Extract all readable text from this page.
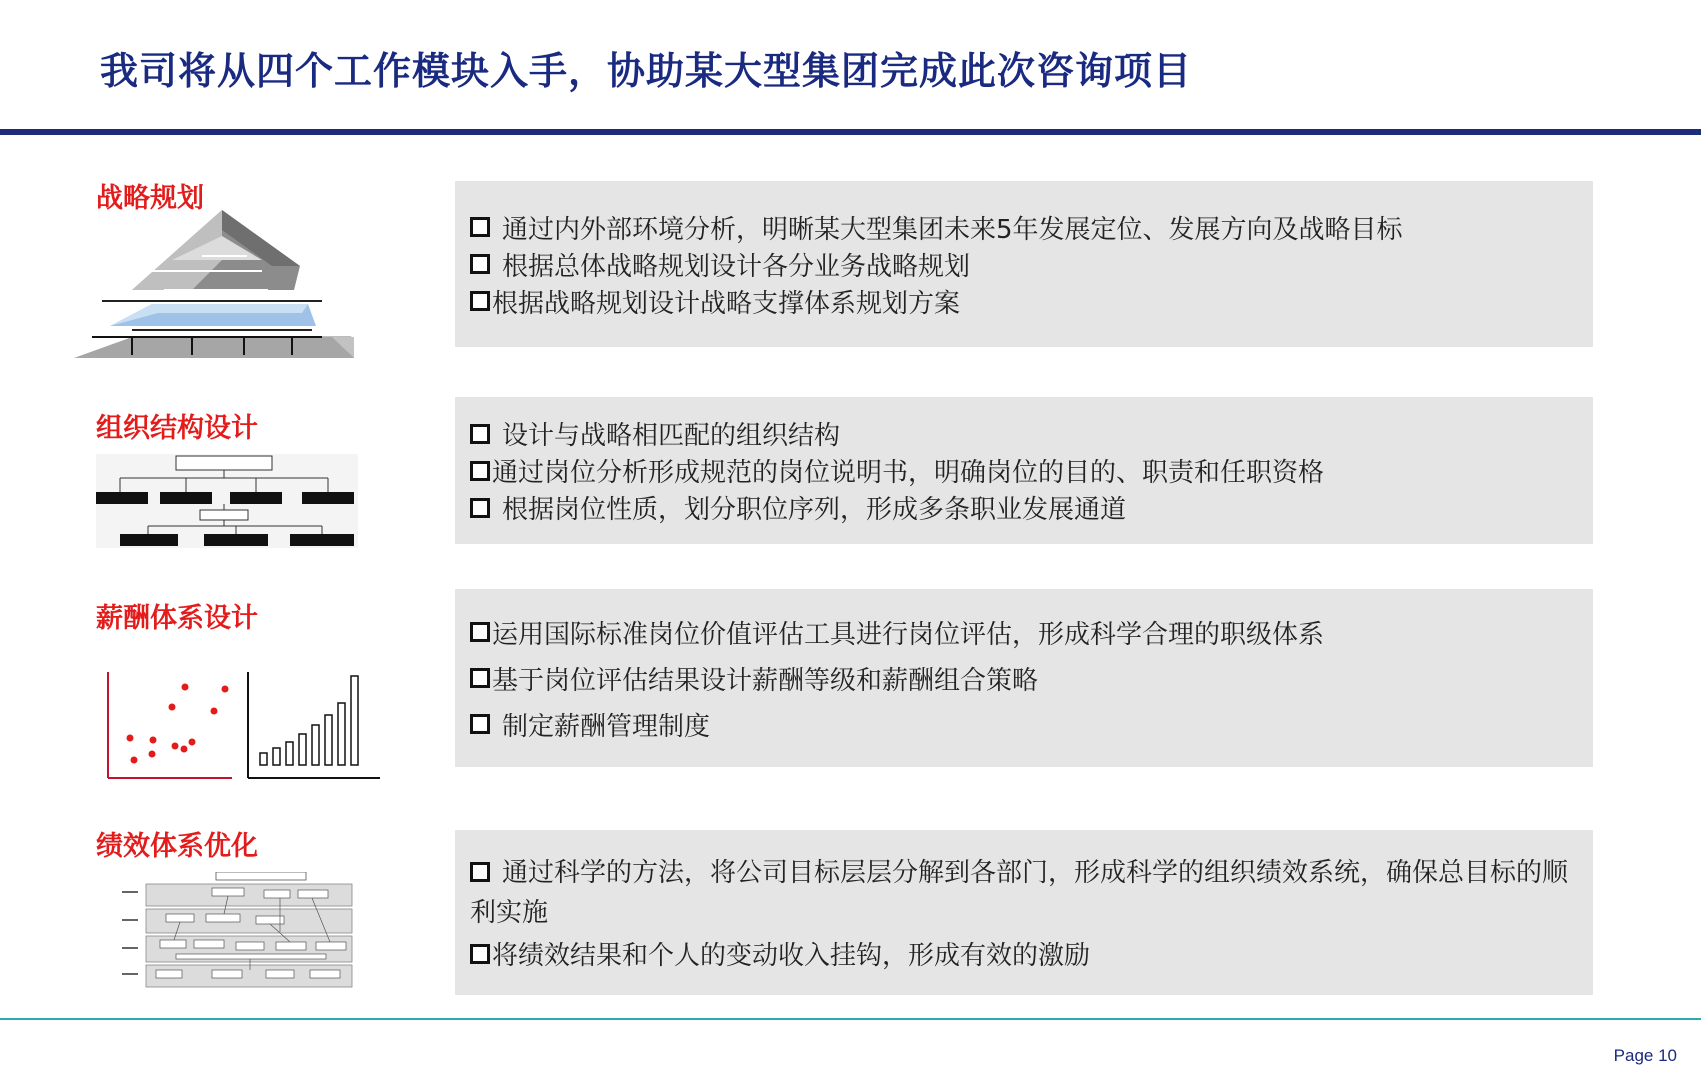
我司将从四个工作模块入手，协助某大型集团完成此次咨询项目
战略规划
通过内外部环境分析，明晰某大型集团未来5年发展定位、发展方向及战略目标
根据总体战略规划设计各分业务战略规划
根据战略规划设计战略支撑体系规划方案
组织结构设计	设计与战略相匹配的组织结构
通过岗位分析形成规范的岗位说明书，明确岗位的目的、职责和任职资格
根据岗位性质，划分职位序列，形成多条职业发展通道
薪酬体系设计
运用国际标准岗位价值评估工具进行岗位评估，形成科学合理的职级体系
基于岗位评估结果设计薪酬等级和薪酬组合策略
制定薪酬管理制度
绩效体系优化
通过科学的方法，将公司目标层层分解到各部门，形成科学的组织绩效系统，确保总目标的顺利实施
将绩效结果和个人的变动收入挂钩，形成有效的激励
Page 10
